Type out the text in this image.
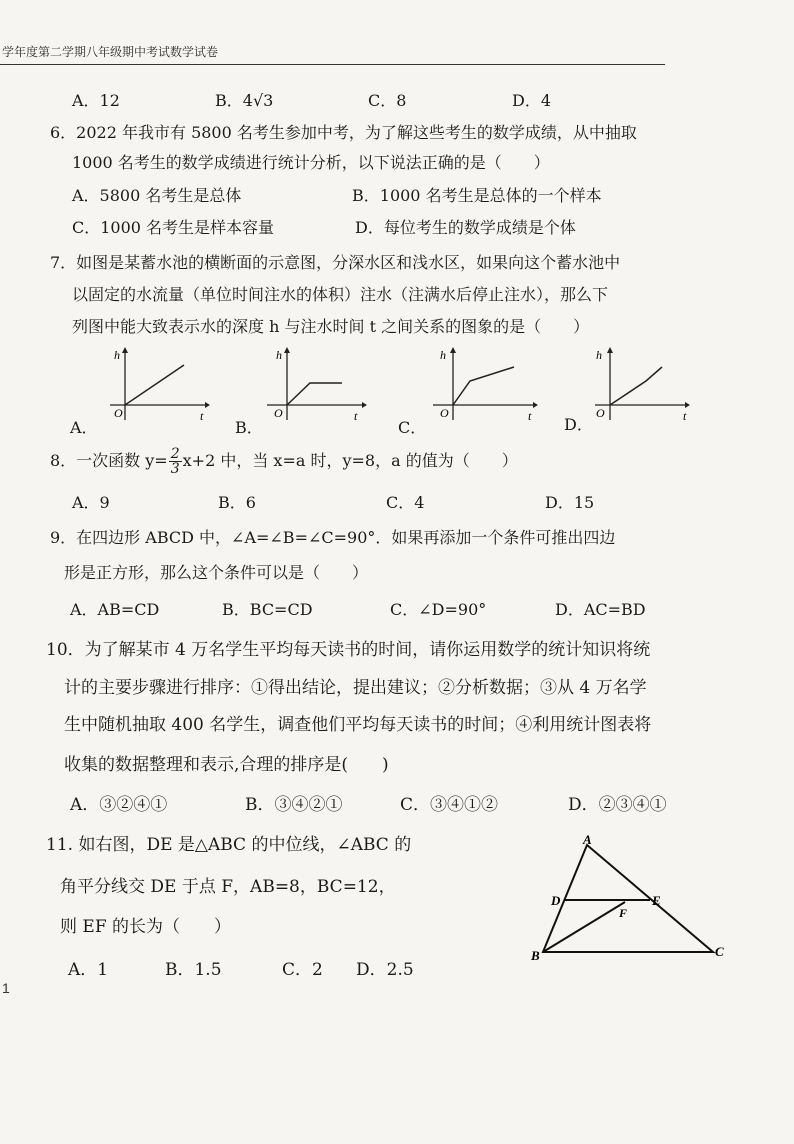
学年度第二学期八年级期中考试数学试卷
A．12	B．4√3	C．8	D．4
6．2022 年我市有 5800 名考生参加中考，为了解这些考生的数学成绩，从中抽取
1000 名考生的数学成绩进行统计分析，以下说法正确的是（　　）
A．5800 名考生是总体	B．1000 名考生是总体的一个样本
C．1000 名考生是样本容量	D．每位考生的数学成绩是个体
7．如图是某蓄水池的横断面的示意图，分深水区和浅水区，如果向这个蓄水池中
以固定的水流量（单位时间注水的体积）注水（注满水后停止注水），那么下
列图中能大致表示水的深度 h 与注水时间 t 之间关系的图象的是（　　）
A．
h
t
O
B．
h
t
O
C．
h
t
O
D．
h
t
O
8．一次函数 $y= \frac{2}{3} x+2$ 中，当 x=a 时，y=8，a 的值为（　　）
A．9	B．6	C．4	D．15
9．在四边形 ABCD 中，∠A=∠B=∠C=90°．如果再添加一个条件可推出四边
形是正方形，那么这个条件可以是（　　）
A．AB=CD	B．BC=CD	C．∠D=90°	D．AC=BD
10．为了解某市 4 万名学生平均每天读书的时间，请你运用数学的统计知识将统
计的主要步骤进行排序：①得出结论，提出建议；②分析数据；③从 4 万名学
生中随机抽取 400 名学生，调查他们平均每天读书的时间；④利用统计图表将
收集的数据整理和表示,合理的排序是(　　)
A．③②④①	B．③④②①	C．③④①②	D．②③④①
11. 如右图，DE 是△ABC 的中位线，∠ABC 的
角平分线交 DE 于点 F，AB=8，BC=12，
则 EF 的长为（　　）
A．1	B．1.5	C．2 D．2.5
A
D	E
F
B	C
1
